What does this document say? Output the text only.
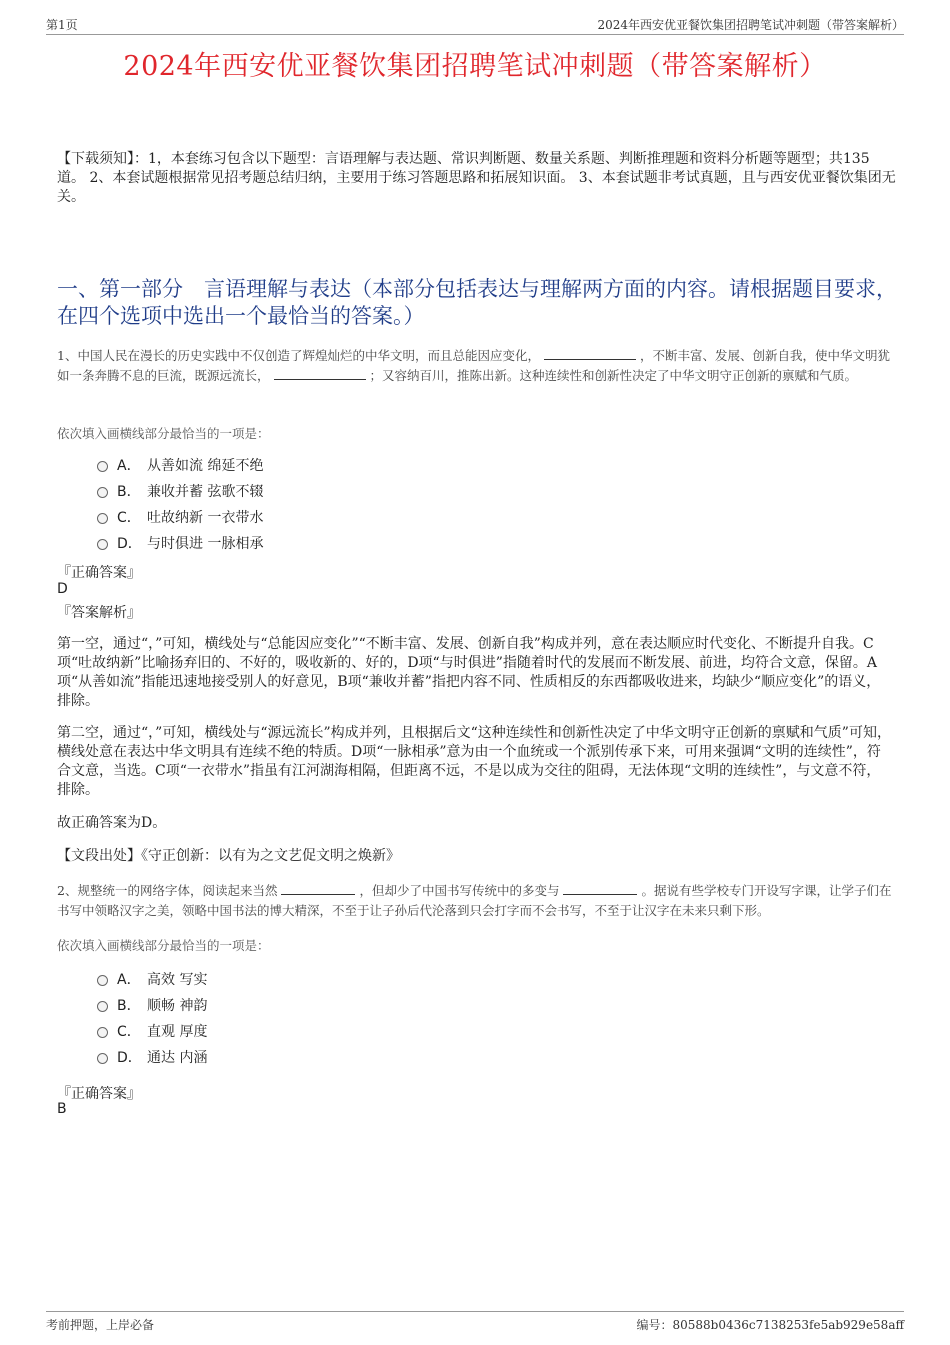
第1页	2024年西安优亚餐饮集团招聘笔试冲刺题（带答案解析）
2024年西安优亚餐饮集团招聘笔试冲刺题（带答案解析）
【下载须知】：1，本套练习包含以下题型：言语理解与表达题、常识判断题、数量关系题、判断推理题和资料分析题等题型；共135道。 2、本套试题根据常见招考题总结归纳，主要用于练习答题思路和拓展知识面。 3、本套试题非考试真题，且与西安优亚餐饮集团无关。
一、第一部分　言语理解与表达（本部分包括表达与理解两方面的内容。请根据题目要求，在四个选项中选出一个最恰当的答案。）
1、中国人民在漫长的历史实践中不仅创造了辉煌灿烂的中华文明，而且总能因应变化，	，不断丰富、发展、创新自我，使中华文明犹如一条奔腾不息的巨流，既源远流长，	；又容纳百川，推陈出新。这种连续性和创新性决定了中华文明守正创新的禀赋和气质。
依次填入画横线部分最恰当的一项是：
A． 从善如流 绵延不绝
B． 兼收并蓄 弦歌不辍
C． 吐故纳新 一衣带水
D． 与时俱进 一脉相承
『正确答案』
D
『答案解析』
第一空，通过“，”可知，横线处与“总能因应变化”“不断丰富、发展、创新自我”构成并列，意在表达顺应时代变化、不断提升自我。C项“吐故纳新”比喻扬弃旧的、不好的，吸收新的、好的，D项“与时俱进”指随着时代的发展而不断发展、前进，均符合文意，保留。A项“从善如流”指能迅速地接受别人的好意见，B项“兼收并蓄”指把内容不同、性质相反的东西都吸收进来，均缺少“顺应变化”的语义，排除。
第二空，通过“，”可知，横线处与“源远流长”构成并列，且根据后文“这种连续性和创新性决定了中华文明守正创新的禀赋和气质”可知，横线处意在表达中华文明具有连续不绝的特质。D项“一脉相承”意为由一个血统或一个派别传承下来，可用来强调“文明的连续性”，符合文意，当选。C项“一衣带水”指虽有江河湖海相隔，但距离不远，不是以成为交往的阻碍，无法体现“文明的连续性”，与文意不符，排除。
故正确答案为D。
【文段出处】《守正创新：以有为之文艺促文明之焕新》
2、规整统一的网络字体，阅读起来当然	，但却少了中国书写传统中的多变与	。据说有些学校专门开设写字课，让学子们在书写中领略汉字之美，领略中国书法的博大精深，不至于让子孙后代沦落到只会打字而不会书写，不至于让汉字在未来只剩下形。
依次填入画横线部分最恰当的一项是：
A． 高效 写实
B． 顺畅 神韵
C． 直观 厚度
D． 通达 内涵
『正确答案』
B
考前押题，上岸必备	编号：80588b0436c7138253fe5ab929e58aff
